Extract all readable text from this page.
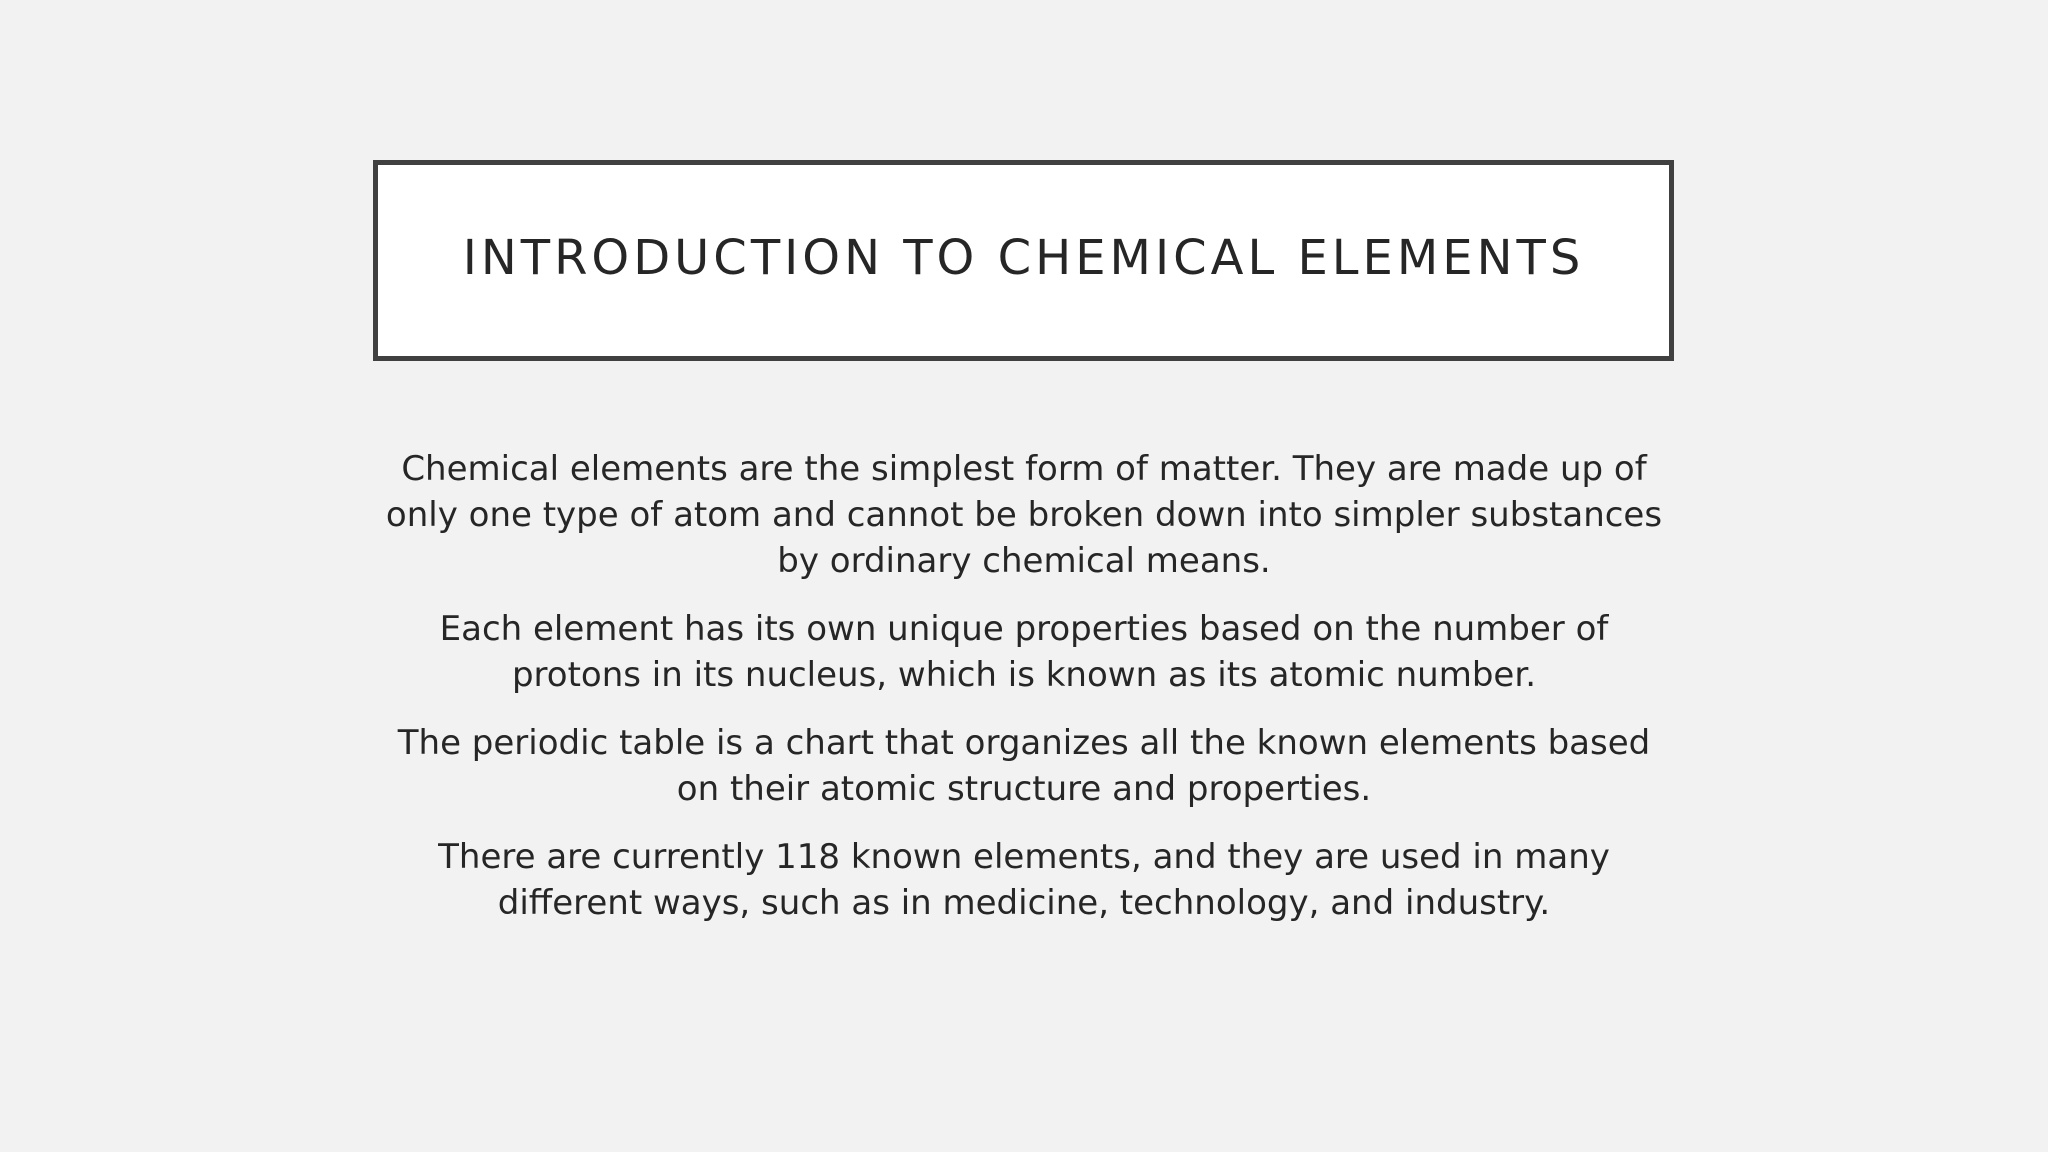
INTRODUCTION TO CHEMICAL ELEMENTS

Chemical elements are the simplest form of matter. They are made up of only one type of atom and cannot be broken down into simpler substances by ordinary chemical means.

Each element has its own unique properties based on the number of protons in its nucleus, which is known as its atomic number.

The periodic table is a chart that organizes all the known elements based on their atomic structure and properties.

There are currently 118 known elements, and they are used in many different ways, such as in medicine, technology, and industry.
